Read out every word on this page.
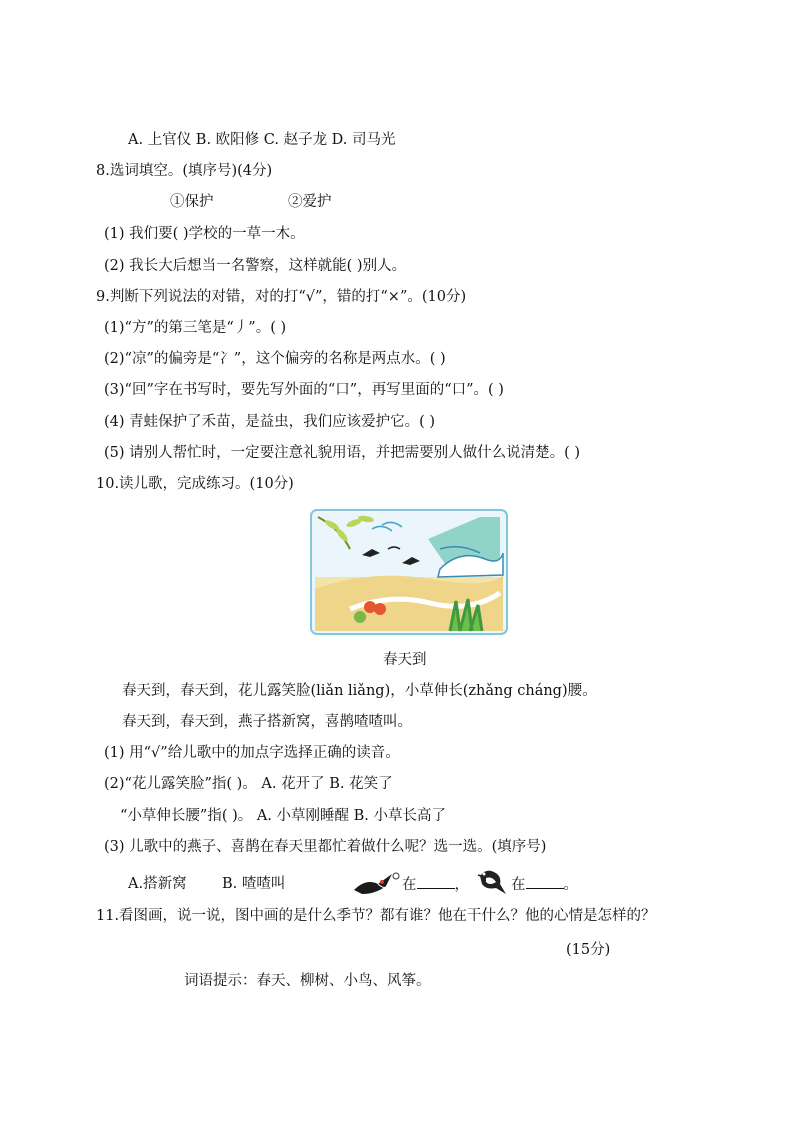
A. 上官仪 B. 欧阳修 C. 赵子龙 D. 司马光
8.选词填空。(填序号)(4分)
①保护	②爱护
(1) 我们要( )学校的一草一木。
(2) 我长大后想当一名警察，这样就能( )别人。
9.判断下列说法的对错，对的打“√”，错的打“×”。(10分)
(1)“方”的第三笔是“丿”。( )
(2)“凉”的偏旁是“冫”，这个偏旁的名称是两点水。( )
(3)“回”字在书写时，要先写外面的“口”，再写里面的“口”。( )
(4) 青蛙保护了禾苗，是益虫，我们应该爱护它。( )
(5) 请别人帮忙时，一定要注意礼貌用语，并把需要别人做什么说清楚。( )
10.读儿歌，完成练习。(10分)
春天到
春天到，春天到，花儿露笑脸(liǎn liǎng)，小草伸长(zhǎng cháng)腰。
春天到，春天到，燕子搭新窝，喜鹊喳喳叫。
(1) 用“√”给儿歌中的加点字选择正确的读音。
(2)“花儿露笑脸”指( )。 A. 花开了 B. 花笑了
“小草伸长腰”指( )。 A. 小草刚睡醒 B. 小草长高了
(3) 儿歌中的燕子、喜鹊在春天里都忙着做什么呢？选一选。(填序号)
A.搭新窝 B. 喳喳叫	在	，	在	。
11.看图画，说一说，图中画的是什么季节？都有谁？他在干什么？他的心情是怎样的？
(15分)
词语提示：春天、柳树、小鸟、风筝。
